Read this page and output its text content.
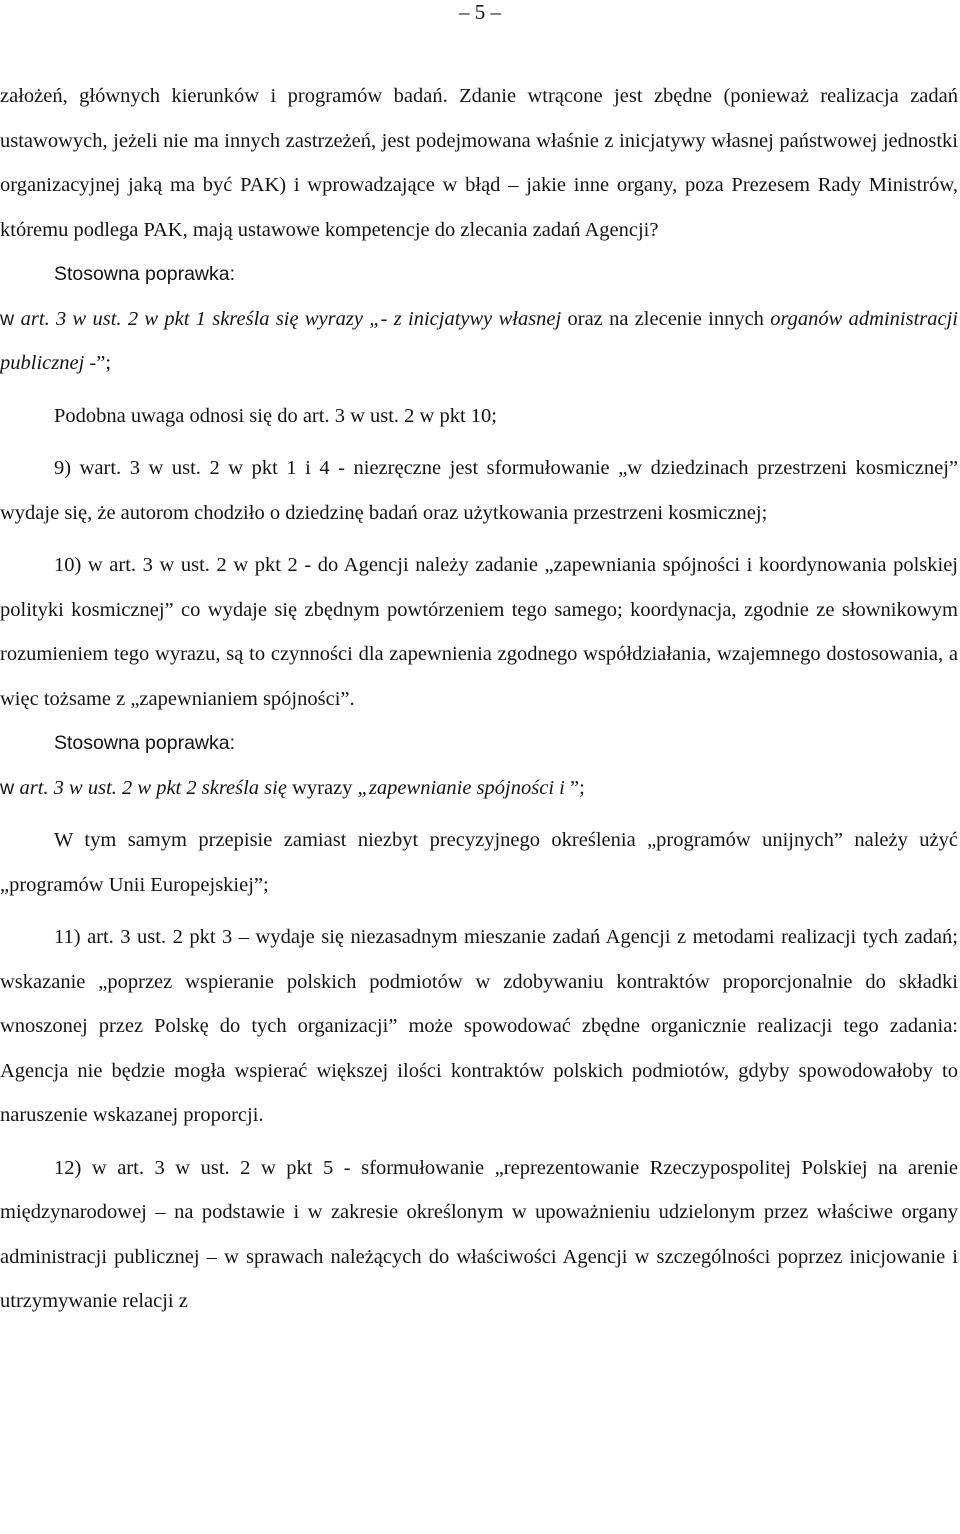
– 5 –

założeń, głównych kierunków i programów badań. Zdanie wtrącone jest zbędne (ponieważ realizacja zadań ustawowych, jeżeli nie ma innych zastrzeżeń, jest podejmowana właśnie z inicjatywy własnej państwowej jednostki organizacyjnej jaką ma być PAK) i wprowadzające w błąd – jakie inne organy, poza Prezesem Rady Ministrów, któremu podlega PAK, mają ustawowe kompetencje do zlecania zadań Agencji?

Stosowna poprawka:

w art. 3 w ust. 2 w pkt 1 skreśla się wyrazy „- z inicjatywy własnej oraz na zlecenie innych organów administracji publicznej -”;

Podobna uwaga odnosi się do art. 3 w ust. 2 w pkt 10;

9) wart. 3 w ust. 2 w pkt 1 i 4 - niezręczne jest sformułowanie „w dziedzinach przestrzeni kosmicznej” wydaje się, że autorom chodziło o dziedzinę badań oraz użytkowania przestrzeni kosmicznej;

10) w art. 3 w ust. 2 w pkt 2 - do Agencji należy zadanie „zapewniania spójności i koordynowania polskiej polityki kosmicznej” co wydaje się zbędnym powtórzeniem tego samego; koordynacja, zgodnie ze słownikowym rozumieniem tego wyrazu, są to czynności dla zapewnienia zgodnego współdziałania, wzajemnego dostosowania, a więc tożsame z „zapewnianiem spójności”.

Stosowna poprawka:

w art. 3 w ust. 2 w pkt 2 skreśla się wyrazy „zapewnianie spójności i ”;

W tym samym przepisie zamiast niezbyt precyzyjnego określenia „programów unijnych” należy użyć „programów Unii Europejskiej”;

11) art. 3 ust. 2 pkt 3 – wydaje się niezasadnym mieszanie zadań Agencji z metodami realizacji tych zadań; wskazanie „poprzez wspieranie polskich podmiotów w zdobywaniu kontraktów proporcjonalnie do składki wnoszonej przez Polskę do tych organizacji” może spowodować zbędne organicznie realizacji tego zadania: Agencja nie będzie mogła wspierać większej ilości kontraktów polskich podmiotów, gdyby spowodowałoby to naruszenie wskazanej proporcji.

12) w art. 3 w ust. 2 w pkt 5 - sformułowanie „reprezentowanie Rzeczypospolitej Polskiej na arenie międzynarodowej – na podstawie i w zakresie określonym w upoważnieniu udzielonym przez właściwe organy administracji publicznej – w sprawach należących do właściwości Agencji w szczególności poprzez inicjowanie i utrzymywanie relacji z
